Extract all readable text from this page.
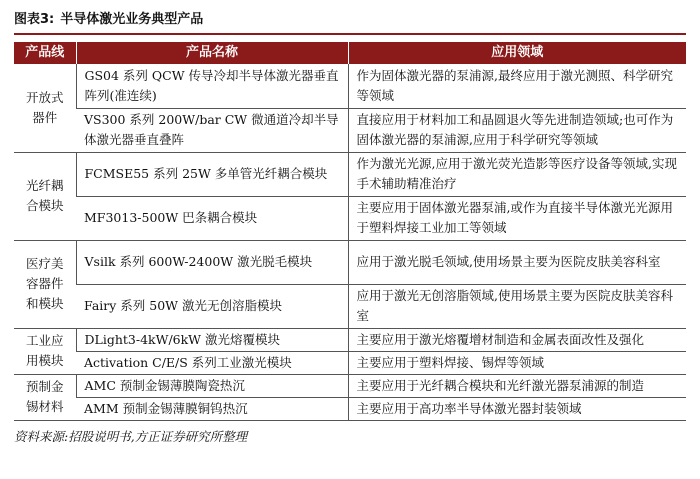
图表3: 半导体激光业务典型产品
产品线	产品名称	应用领域

开放式
器件	GS04 系列 QCW 传导冷却半导体激光器垂直阵列(准连续)	作为固体激光器的泵浦源,最终应用于激光测照、科学研究等领域
	VS300 系列 200W/bar CW 微通道冷却半导体激光器垂直叠阵	直接应用于材料加工和晶圆退火等先进制造领域;也可作为固体激光器的泵浦源,应用于科学研究等领域

光纤耦
合模块	FCMSE55 系列 25W 多单管光纤耦合模块	作为激光光源,应用于激光荧光造影等医疗设备等领域,实现手术辅助精准治疗
	MF3013-500W 巴条耦合模块	主要应用于固体激光器泵浦,或作为直接半导体激光光源用于塑料焊接工业加工等领域

医疗美
容器件
和模块	Vsilk 系列 600W-2400W 激光脱毛模块	应用于激光脱毛领域,使用场景主要为医院皮肤美容科室
	Fairy 系列 50W 激光无创溶脂模块	应用于激光无创溶脂领域,使用场景主要为医院皮肤美容科室

工业应
用模块	DLight3-4kW/6kW 激光熔覆模块	主要应用于激光熔覆增材制造和金属表面改性及强化
	Activation C/E/S 系列工业激光模块	主要应用于塑料焊接、锡焊等领域

预制金
锡材料	AMC 预制金锡薄膜陶瓷热沉	主要应用于光纤耦合模块和光纤激光器泵浦源的制造
	AMM 预制金锡薄膜铜钨热沉	主要应用于高功率半导体激光器封装领域
资料来源:招股说明书,方正证券研究所整理
